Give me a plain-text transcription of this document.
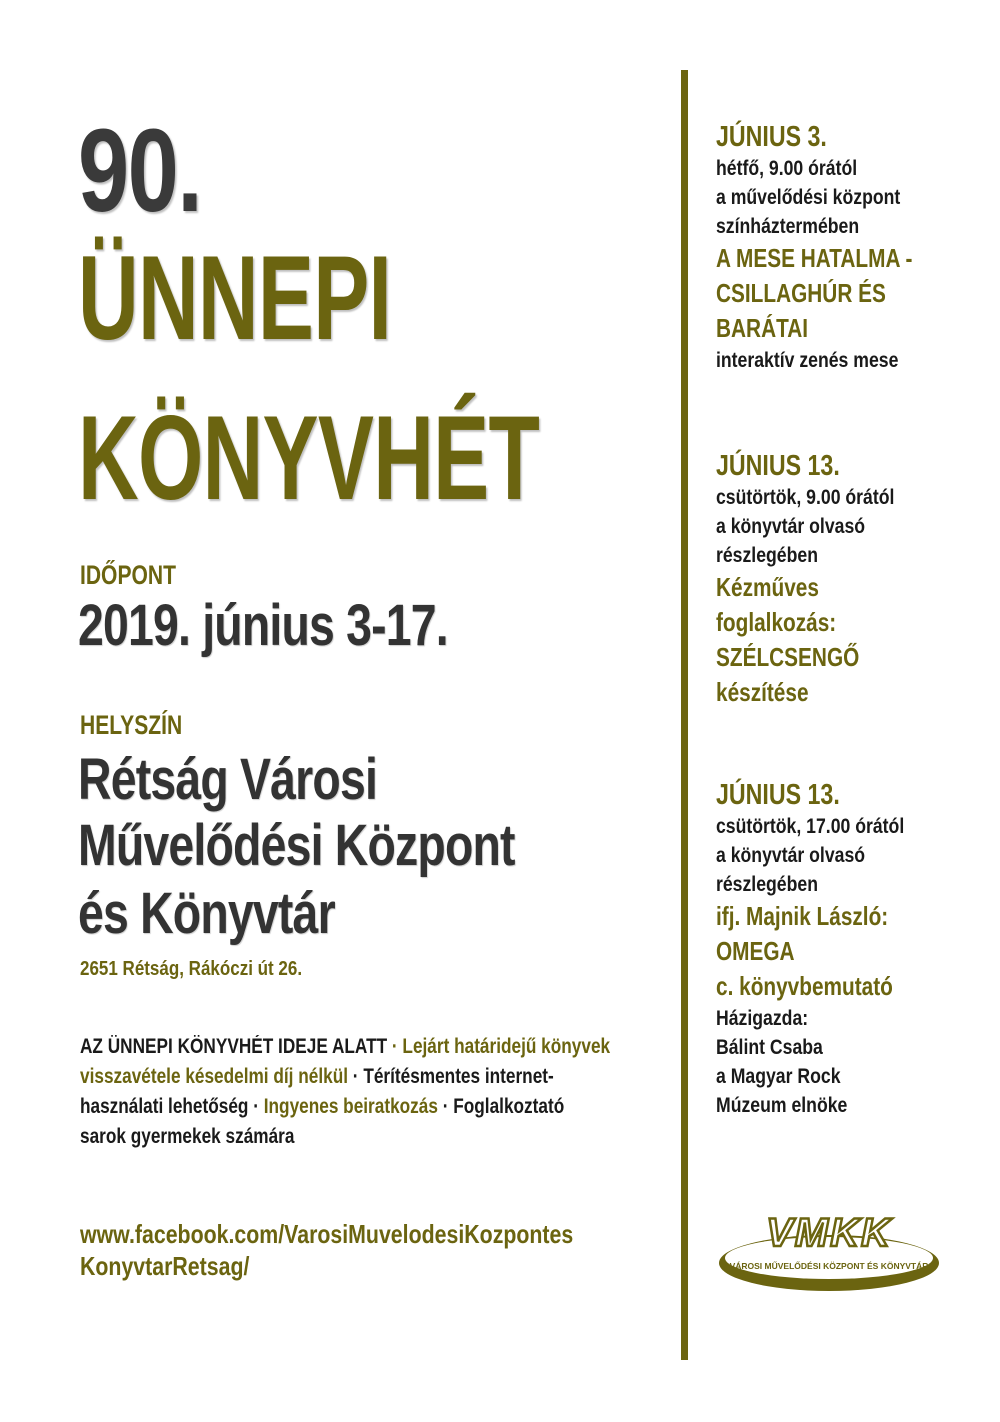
90.
ÜNNEPI
KÖNYVHÉT
IDŐPONT
2019. június 3-17.
HELYSZÍN
Rétság Városi
Művelődési Központ
és Könyvtár
2651 Rétság, Rákóczi út 26.
AZ ÜNNEPI KÖNYVHÉT IDEJE ALATT · Lejárt határidejű könyvek
visszavétele késedelmi díj nélkül · Térítésmentes internet-
használati lehetőség · Ingyenes beiratkozás · Foglalkoztató
sarok gyermekek számára
www.facebook.com/VarosiMuvelodesiKozpontes
KonyvtarRetsag/
JÚNIUS 3.
hétfő, 9.00 órától
a művelődési központ
színháztermében
A MESE HATALMA -
CSILLAGHÚR ÉS
BARÁTAI
interaktív zenés mese
JÚNIUS 13.
csütörtök, 9.00 órától
a könyvtár olvasó
részlegében
Kézműves
foglalkozás:
SZÉLCSENGŐ
készítése
JÚNIUS 13.
csütörtök, 17.00 órától
a könyvtár olvasó
részlegében
ifj. Majnik László:
OMEGA
c. könyvbemutató
Házigazda:
Bálint Csaba
a Magyar Rock
Múzeum elnöke
VMKK
VÁROSI MŰVELŐDÉSI KÖZPONT ÉS KÖNYVTÁR
